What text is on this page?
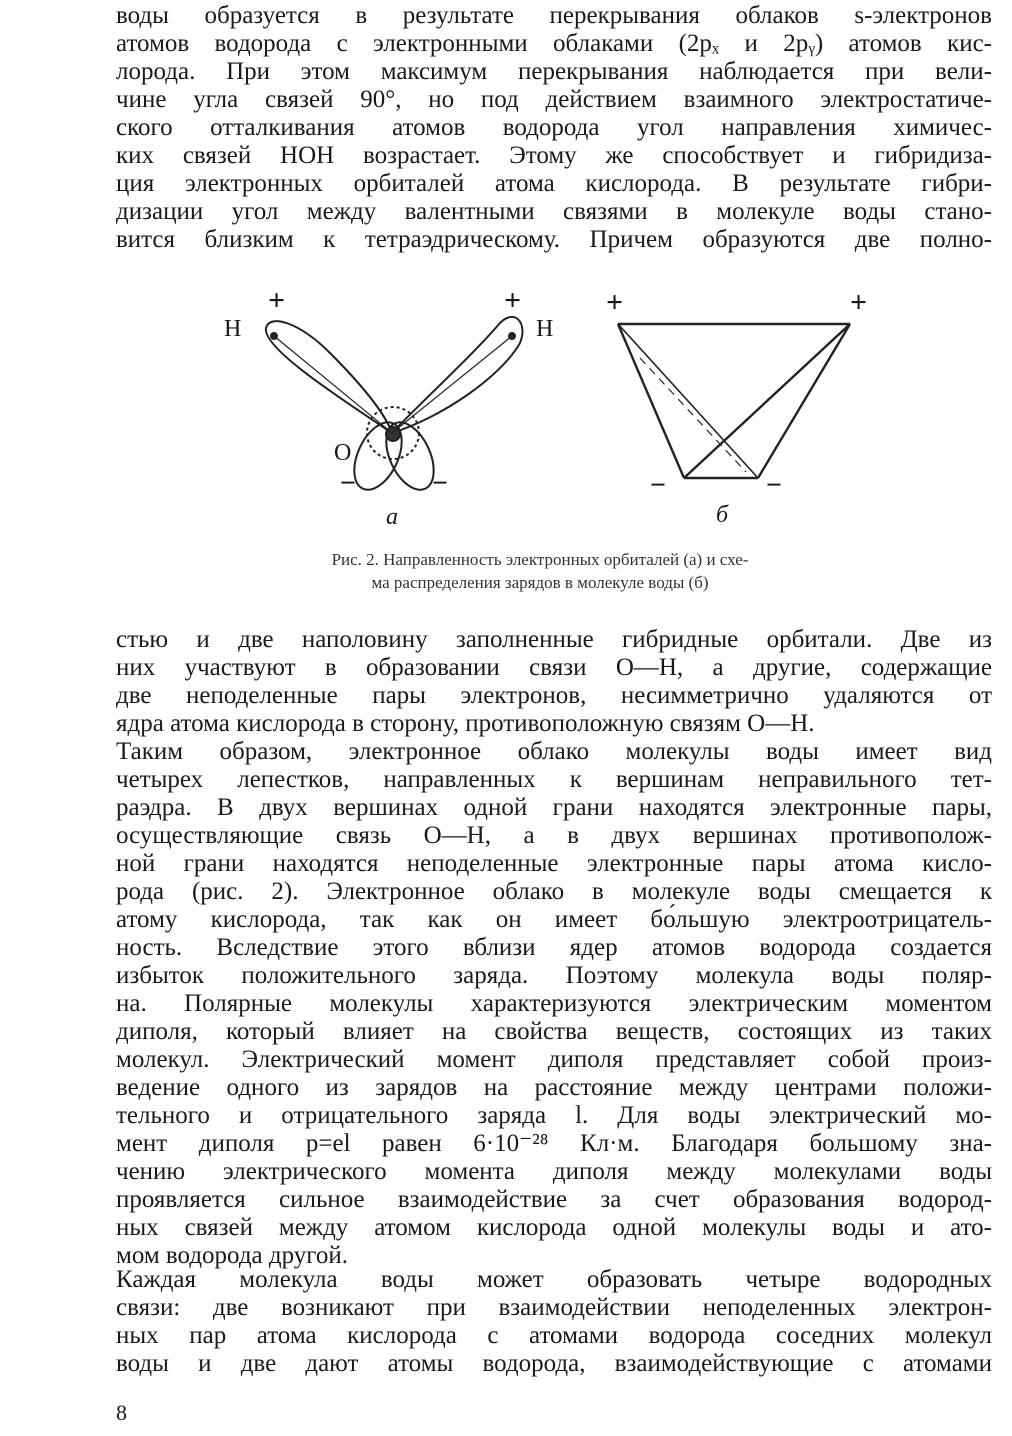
воды образуется в результате перекрывания облаков s-электронов
атомов водорода с электронными облаками (2pₓ и 2pᵧ) атомов кис-
лорода. При этом максимум перекрывания наблюдается при вели-
чине угла связей 90°, но под действием взаимного электростатиче-
ского отталкивания атомов водорода угол направления химичес-
ких связей НОН возрастает. Этому же способствует и гибридиза-
ция электронных орбиталей атома кислорода. В результате гибри-
дизации угол между валентными связями в молекуле воды стано-
вится близким к тетраэдрическому. Причем образуются две полно-
Н	Н
О
+	+
−	−
а
+	+
−	−
б
Рис. 2. Направленность электронных орбиталей (а) и схе-
ма распределения зарядов в молекуле воды (б)
стью и две наполовину заполненные гибридные орбитали. Две из
них участвуют в образовании связи О—Н, а другие, содержащие
две неподеленные пары электронов, несимметрично удаляются от
ядра атома кислорода в сторону, противоположную связям О—Н.
Таким образом, электронное облако молекулы воды имеет вид
четырех лепестков, направленных к вершинам неправильного тет-
раэдра. В двух вершинах одной грани находятся электронные пары,
осуществляющие связь О—Н, а в двух вершинах противополож-
ной грани находятся неподеленные электронные пары атома кисло-
рода (рис. 2). Электронное облако в молекуле воды смещается к
атому кислорода, так как он имеет бо́льшую электроотрицатель-
ность. Вследствие этого вблизи ядер атомов водорода создается
избыток положительного заряда. Поэтому молекула воды поляр-
на. Полярные молекулы характеризуются электрическим моментом
диполя, который влияет на свойства веществ, состоящих из таких
молекул. Электрический момент диполя представляет собой произ-
ведение одного из зарядов на расстояние между центрами положи-
тельного и отрицательного заряда l. Для воды электрический мо-
мент диполя p=el равен 6·10⁻²⁸ Кл·м. Благодаря большому зна-
чению электрического момента диполя между молекулами воды
проявляется сильное взаимодействие за счет образования водород-
ных связей между атомом кислорода одной молекулы воды и ато-
мом водорода другой.
Каждая молекула воды может образовать четыре водородных
связи: две возникают при взаимодействии неподеленных электрон-
ных пар атома кислорода с атомами водорода соседних молекул
воды и две дают атомы водорода, взаимодействующие с атомами
8
